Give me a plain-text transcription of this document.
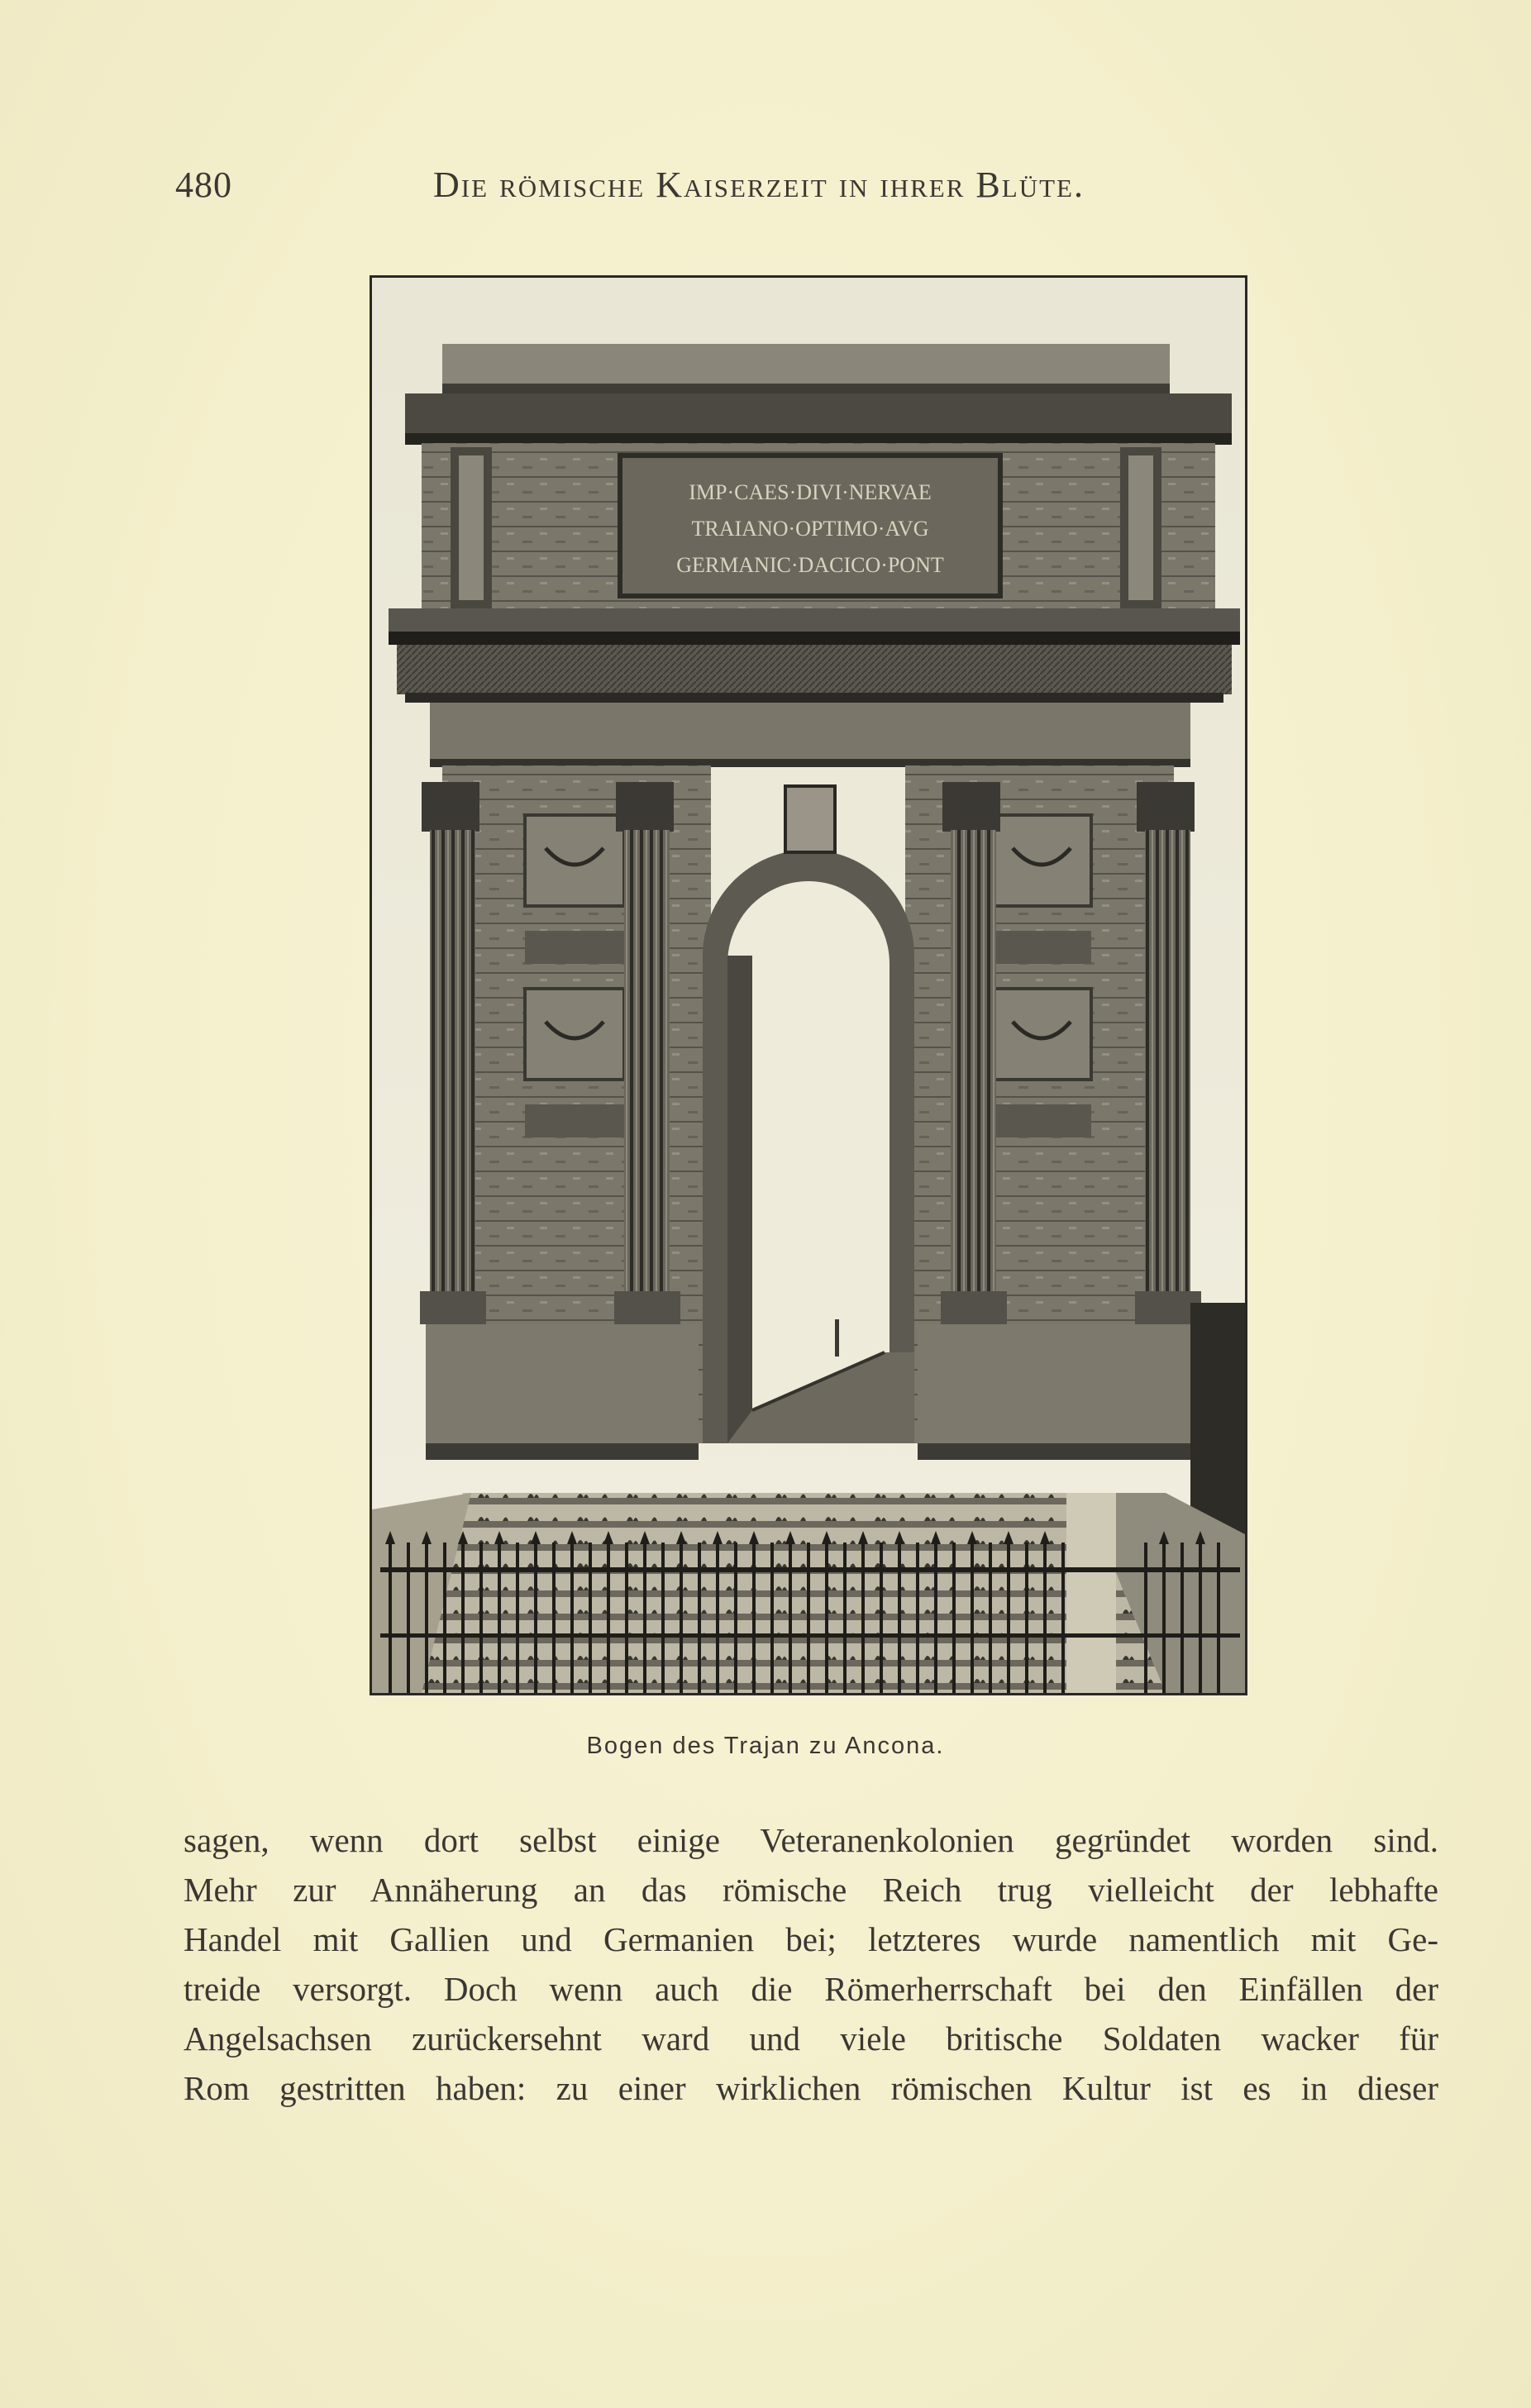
480	Die römische Kaiserzeit in ihrer Blüte.
IMP·CAES·DIVI·NERVAE
TRAIANO·OPTIMO·AVG
GERMANIC·DACICO·PONT
Bogen des Trajan zu Ancona.
sagen, wenn dort selbst einige Veteranenkolonien gegründet worden sind.
Mehr zur Annäherung an das römische Reich trug vielleicht der lebhafte
Handel mit Gallien und Germanien bei; letzteres wurde namentlich mit Ge-
treide versorgt. Doch wenn auch die Römerherrschaft bei den Einfällen der
Angelsachsen zurückersehnt ward und viele britische Soldaten wacker für
Rom gestritten haben: zu einer wirklichen römischen Kultur ist es in dieser
